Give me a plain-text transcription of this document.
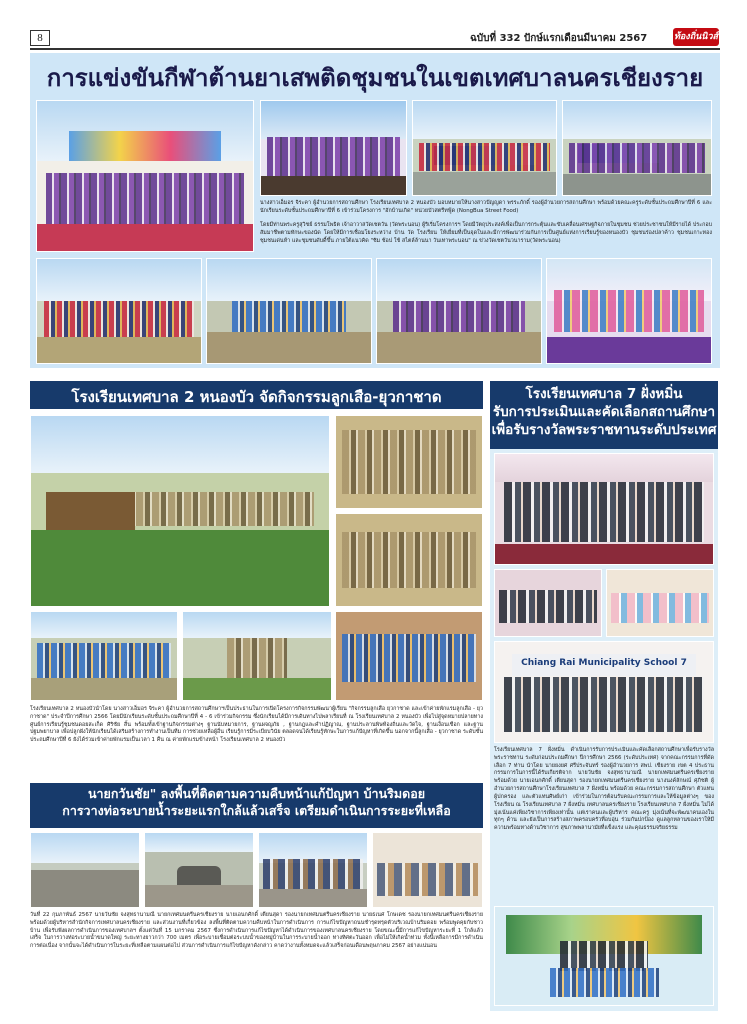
8	ฉบับที่ 332 ปักษ์แรกเดือนมีนาคม 2567	ท้องถิ่นนิวส์
การแข่งขันกีฬาต้านยาเสพติดชุมชนในเขตเทศบาลนครเชียงราย
นางสาวเอ็มอร จิระคา ผู้อำนวยการสถานศึกษา โรงเรียนเทศบาล 2 หนองบัว มอบหมายให้นางสาวปัญญดา พรระภักดิ์ รองผู้อำนวยการสถานศึกษา พร้อมด้วยคณะครูระดับชั้นประถมศึกษาปีที่ 6 และนักเรียนระดับชั้นประถมศึกษาปีที่ 6 เข้าร่วมโครงการ "ฮักบ้านเกิด" หน่วยบัวสตรีทฟู้ด (NongBua Street Food)
โดยมีท่านพระครูสุวิชย์ ธรรมโพธิต เจ้าอาวาสวัดเชตวัน (วัดพระนอน) ผู้ริเริ่มโครงการฯ โดยมีวัตถุประสงค์เพื่อเป็นการกระตุ้นและขับเคลื่อนเศรษฐกิจภายในชุมชน ช่วยประชาชนให้มีรายได้ ประกอบสัมมาชีพตามทักษะของนัด โดยให้มีการเชื่อมโยงระหว่าง บ้าน วัด โรงเรียน ให้เยี่ยมที่เป็นจุดในและมีการพัฒนาร่วมกันการเป็นศูนย์แห่งการเรียนรู้ของหนองบัว ชุมชนร่องปลาค้าว ชุมชนเกาะทอง ชุมชนเด่นห้า และชุมชนดับดี้ขึ้น ภายใต้แนวคิด "ชิม ช้อป ใช้ สไตล์ล้านนา วันเทาพระนอน" ณ ข่วงวัดเชตวันวนาราม(วัดพระนอน)
โรงเรียนเทศบาล 2 หนองบัว จัดกิจกรรมลูกเสือ-ยุวกาชาด
โรงเรียนเทศบาล 2 หนองบัวนำโดย นางสาวเอ็มอร จิระคา ผู้อำนวยการสถานศึกษาฯเป็นประธานในการเปิดโครงการกิจกรรมพัฒนาผู้เรียน "กิจกรรมลูกเสือ ยุวกาชาด และเข้าค่ายพักแรมลูกเสือ - ยุวกาชาด" ประจำปีการศึกษา 2566 โดยมีนักเรียนระดับชั้นประถมศึกษาปีที่ 4 - 6 เข้าร่วมกิจกรรม ซึ่งนักเรียนได้มีการเดินทางไปพลาเรียนที่ ณ โรงเรียนเทศบาล 2 หนองบัว เพื่อไปสู่จุดหมายปลายทางศูนย์การเรียนรู้ชุมชนดอยสะเก็ด ศิริชัย สิ้น พร้อมทั้งเข้าฐานกิจกรรมต่างๆ ฐานนับหมายการ, ฐานผจญภัย , ฐานกฎและคำปฏิญาณ, ฐานประลานพิษท้องถิ่นและวัดไจ, ฐานเงื่อนเชือก และฐานปฐมพยาบาล เพื่อปลูกฝังให้นักเรียนได้เสริมสร้างการทำงานเป็นทีม การช่วยเหลือผู้อื่น เรียนรู้การมีระเบียบวินัย ตลอดจนได้เรียนรู้ทักษะในการแก้ปัญหาที่เกิดขึ้น นอกจากนี้ลูกเสือ - ยุวกาชาด ระดับชั้นประถมศึกษาปีที่ 6 ยังได้ร่วมเข้าค่ายพักแรมเป็นเวลา 1 คืน ณ ค่ายพักแรมข้างหน้า โรงเรียนเทศบาล 2 หนองบัว
โรงเรียนเทศบาล 7 ฝั่งหมิ่น
รับการประเมินและคัดเลือกสถานศึกษา
เพื่อรับรางวัลพระราชทานระดับประเทศ
Chiang Rai Municipality School 7
โรงเรียนเทศบาล 7 ฝั่งหมิ่น ดำเนินการรับการประเมินและคัดเลือกสถานศึกษาเพื่อรับรางวัลพระราชทาน ระดับก่อนประถมศึกษา ปีการศึกษา 2566 (ระดับประเทศ) จากคณะกรรมการที่ดัดเลือก 7 ท่าน นำโดย นายยงยศ ศรีประจันทร์ รองผู้อำนวยการ สพป. เชียงราย เขต 4 ประธานกรรมการในการนี้ได้รับเกียรติจาก นายวันชัย จงสุทธานามณี นายกเทศมนตรีนครเชียงราย พร้อมด้วย นายเอนกศักดิ์ เตียนสุดา รองนายกเทศมนตรีนครเชียงราย นางนงค์ลักษณ์ ศุภิชติ ผู้อำนวยการสถานศึกษาโรงเรียนเทศบาล 7 ฝั่งหมิ่น พร้อมด้วย คณะกรรมการสถานศึกษา ตัวแทนผู้ปกครอง และตัวแทนศิษย์เก่า เข้าร่วมในการต้อนรับคณะกรรมการและให้ข้อมูลต่างๆ ของโรงเรียน ณ โรงเรียนเทศบาล 7 ฝั่งหมิ่น เทศบาลนครเชียงราย โรงเรียนเทศบาล 7 ฝั่งหมิ่น ไม่ได้มุ่งเน้นแค่เพียงวิชาการเพียงเท่านั้น แต่เราคนและผู้บริหาร คณะครู มุ่งเน้นที่จะพัฒนาคนเองในทุกๆ ด้าน และยังเป็นการสร้างสภาพครอบครัวที่อบอุ่น ร่วมกันปกป้อง ดูแลลูกหลานของเราให้มีความพร้อมทางด้านวิชาการ สุขภาพพลานามัยที่แข็งแรง และคุณธรรมจริยธรรม
นายกวันชัย" ลงพื้นที่ติดตามความคืบหน้าแก้ปัญหา บ้านริมดอย
การวางท่อระบายน้ำระยะแรกใกล้แล้วเสร็จ เตรียมดำเนินการระยะที่เหลือ
วันที่ 22 กุมภาพันธ์ 2567 นายวันชัย จงสุทธานามณี นายกเทศมนตรีนครเชียงราย นายเอนกศักดิ์ เตียนสุดา รองนายกเทศมนตรีนครเชียงราย นายธเนศ โกษเดช รองนายกเทศมนตรีนครเชียงราย พร้อมด้วยผู้บริหารสำนักกิจการเทศบาลนครเชียงราย และส่วนงานที่เกี่ยวข้อง ลงพื้นที่ติดตามความคืบหน้าในการดำเนินการ การแก้ไขปัญหาถนนชำรุดทรุดตัวบริเวณบ้านริมดอย พร้อมพูดคุยกับชาวบ้าน เพื่อรับฟังผลการดำเนินการของเทศบาลฯ ตั้งแต่วันที่ 15 มกราคม 2567 ซึ่งการดำเนินการแก้ไขปัญหาได้ดำเนินการของเทศบาลนครเชียงราย โดยขณะนี้มีการแก้ไขปัญหาระยะที่ 1 ใกล้แล้วเสร็จ ในการวางท่อระบายน้ำขนาดใหญ่ ระยะทางยาวกว่า 700 เมตร เพื่อระบายเชื่อมต่อระบบน้ำของหมู่บ้านในการระบายน้ำออก ทางทิศตะวันออก เพื่อไม่ให้เกิดน้ำท่วม ทั้งนี้เหลือการมีการดำเนินการต่อเนื่อง จากนั้นจะได้ดำเนินการในระยะที่เหลือตามแผนต่อไป ส่วนการดำเนินการแก้ไขปัญหาดังกล่าว คาดว่างานทั้งหมดจะแล้วเสร็จก่อนเดือนพฤษภาคม 2567 อย่างแน่นอน
